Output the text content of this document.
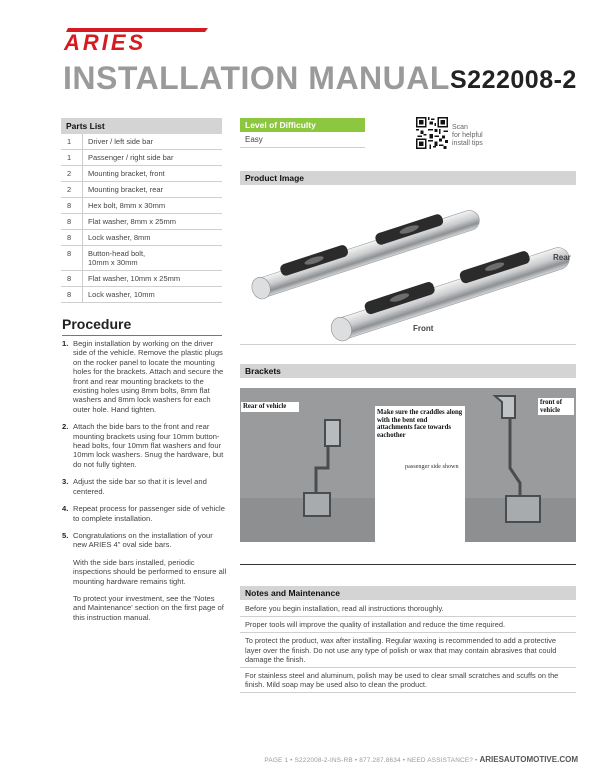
ARIES
INSTALLATION MANUAL S222008-2
Parts List
1	Driver / left side bar
1	Passenger / right side bar
2	Mounting bracket, front
2	Mounting bracket, rear
8	Hex bolt, 8mm x 30mm
8	Flat washer, 8mm x 25mm
8	Lock washer, 8mm
8	Button-head bolt,
10mm x 30mm
8	Flat washer, 10mm x 25mm
8	Lock washer, 10mm
Level of Difficulty
Easy
Scan
for helpful
install tips
Product Image
Rear
Front
Procedure
1. Begin installation by working on the driver side of the vehicle. Remove the plastic plugs on the rocker panel to locate the mounting holes for the brackets. Attach and secure the front and rear mounting brackets to the existing holes using 8mm bolts, 8mm flat washers and 8mm lock washers for each outer hole. Hand tighten.
2. Attach the bide bars to the front and rear mounting brackets using four 10mm button-head bolts, four 10mm flat washers and four 10mm lock washers. Snug the hardware, but do not fully tighten.
3. Adjust the side bar so that it is level and centered.
4. Repeat process for passenger side of vehicle to complete installation.
5. Congratulations on the installation of your new ARIES 4" oval side bars.

With the side bars installed, periodic inspections should be performed to ensure all mounting hardware remains tight.

To protect your investment, see the 'Notes and Maintenance' section on the first page of this instruction manual.

Brackets
Rear of vehicle
Make sure the craddles along with the bent end attachments face towards eachother
passenger side shown
front of vehicle
Notes and Maintenance
Before you begin installation, read all instructions thoroughly.
Proper tools will improve the quality of installation and reduce the time required.
To protect the product, wax after installing. Regular waxing is recommended to add a protective layer over the finish. Do not use any type of polish or wax that may contain abrasives that could damage the finish.
For stainless steel and aluminum, polish may be used to clear small scratches and scuffs on the finish. Mild soap may be used also to clean the product.
PAGE 1 • S222008-2-INS-RB • 877.287.8634 • NEED ASSISTANCE? • ARIESAUTOMOTIVE.COM
